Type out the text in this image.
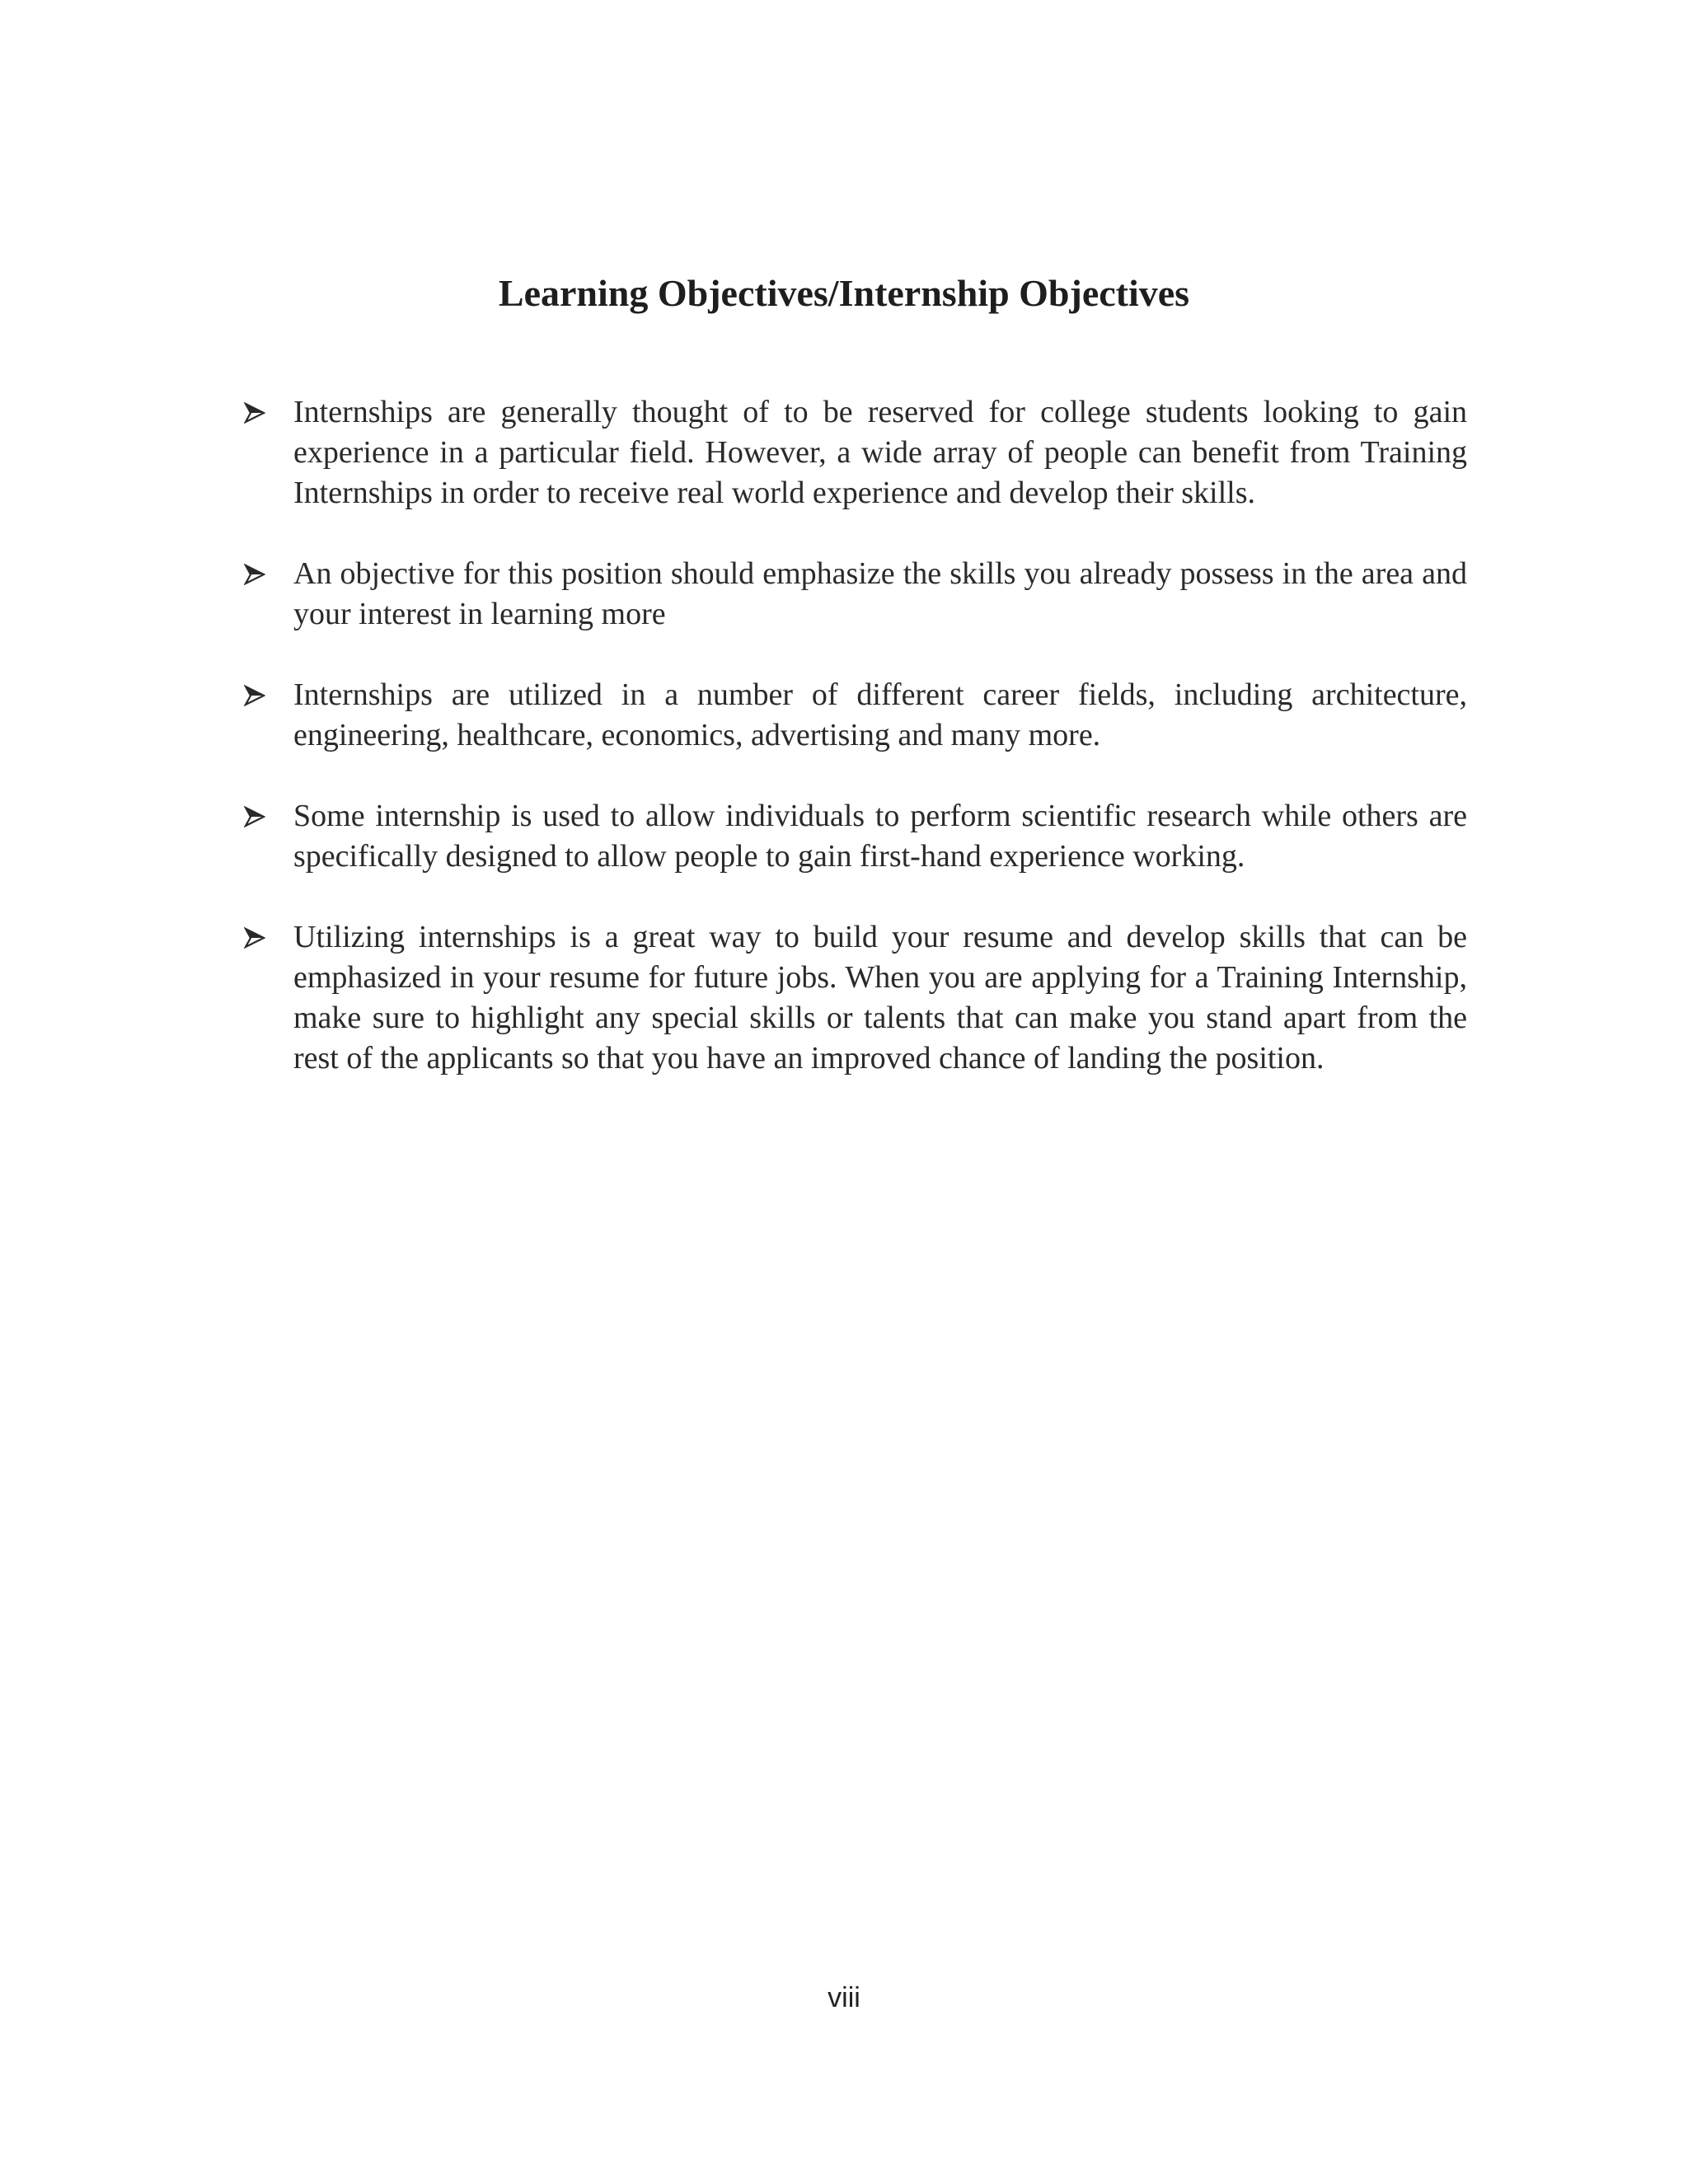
Learning Objectives/Internship Objectives
Internships are generally thought of to be reserved for college students looking to gain experience in a particular field. However, a wide array of people can benefit from Training Internships in order to receive real world experience and develop their skills.
An objective for this position should emphasize the skills you already possess in the area and your interest in learning more
Internships are utilized in a number of different career fields, including architecture, engineering, healthcare, economics, advertising and many more.
Some internship is used to allow individuals to perform scientific research while others are specifically designed to allow people to gain first-hand experience working.
Utilizing internships is a great way to build your resume and develop skills that can be emphasized in your resume for future jobs. When you are applying for a Training Internship, make sure to highlight any special skills or talents that can make you stand apart from the rest of the applicants so that you have an improved chance of landing the position.
viii
